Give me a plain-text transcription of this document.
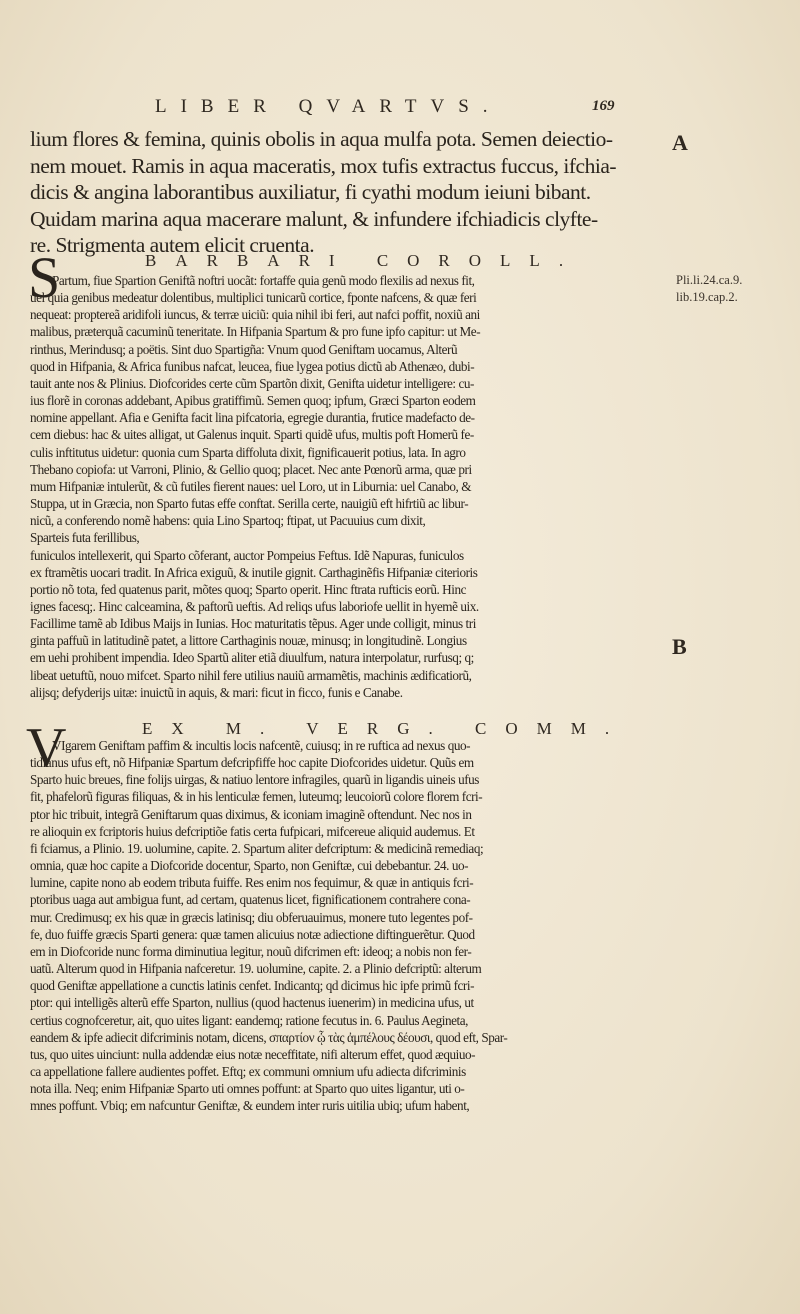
LIBER QVARTVS.	169
lium flores & femina, quinis obolis in aqua mulfa pota. Semen deiectio-
nem mouet. Ramis in aqua maceratis, mox tufis extractus fuccus, ifchia-
dicis & angina laborantibus auxiliatur, fi cyathi modum ieiuni bibant.
Quidam marina aqua macerare malunt, & infundere ifchiadicis clyfte-
re. Strigmenta autem elicit cruenta.
A
BARBARI COROLL.
S
Partum, fiue Spartion Geniftã noftri uocãt: fortaffe quia genũ modo flexilis ad nexus fit,
uel quia genibus medeatur dolentibus, multiplici tunicarũ cortice, fponte nafcens, & quæ feri
nequeat: proptereã aridifoli iuncus, & terræ uiciũ: quia nihil ibi feri, aut nafci poffit, noxiũ ani
malibus, præterquã cacuminũ teneritate. In Hifpania Spartum & pro fune ipfo capitur: ut Me-
rinthus, Merindusq; a poëtis. Sint duo Spartigña: Vnum quod Geniftam uocamus, Alterũ
quod in Hifpania, & Africa funibus nafcat, leucea, fiue lygea potius dictũ ab Athenæo, dubi-
tauit ante nos & Plinius. Diofcorides certe cũm Spartõn dixit, Genifta uidetur intelligere: cu-
ius florẽ in coronas addebant, Apibus gratiffimũ. Semen quoq; ipfum, Græci Sparton eodem
nomine appellant. Afia e Genifta facit lina pifcatoria, egregie durantia, frutice madefacto de-
cem diebus: hac & uites alligat, ut Galenus inquit. Sparti quidẽ ufus, multis poft Homerũ fe-
culis inftitutus uidetur: quonia cum Sparta diffoluta dixit, fignificauerit potius, lata. In agro
Thebano copiofa: ut Varroni, Plinio, & Gellio quoq; placet. Nec ante Pœnorũ arma, quæ pri
mum Hifpaniæ intulerũt, & cũ futiles fierent naues: uel Loro, ut in Liburnia: uel Canabo, &
Stuppa, ut in Græcia, non Sparto futas effe conftat. Serilla certe, nauigiũ eft hifrtiũ ac libur-
nicũ, a conferendo nomẽ habens: quia Lino Spartoq; ftipat, ut Pacuuius cum dixit,
Sparteis futa ferillibus,
funiculos intellexerit, qui Sparto cõferant, auctor Pompeius Feftus. Idẽ Napuras, funiculos
ex ftramẽtis uocari tradit. In Africa exiguũ, & inutile gignit. Carthaginẽfis Hifpaniæ citerioris
portio nõ tota, fed quatenus parit, mõtes quoq; Sparto operit. Hinc ftrata rufticis eorũ. Hinc
ignes facesq;. Hinc calceamina, & paftorũ ueftis. Ad reliqs ufus laboriofe uellit in hyemẽ uix.
Facillime tamẽ ab Idibus Maijs in Iunias. Hoc maturitatis tẽpus. Ager unde colligit, minus tri
ginta paffuũ in latitudinẽ patet, a littore Carthaginis nouæ, minusq; in longitudinẽ. Longius
em uehi prohibent impendia. Ideo Spartũ aliter etiã diuulfum, natura interpolatur, rurfusq; q;
libeat uetuftũ, nouo mifcet. Sparto nihil fere utilius nauiũ armamẽtis, machinis ædificatiorũ,
alijsq; defyderijs uitæ: inuictũ in aquis, & mari: ficut in ficco, funis e Canabe.
Pli.li.24.ca.9.
lib.19.cap.2.
B
EX M. VERG. COMM.
V
VIgarem Geniftam paffim & incultis locis nafcentẽ, cuiusq; in re ruftica ad nexus quo-
tidianus ufus eft, nõ Hifpaniæ Spartum defcripfiffe hoc capite Diofcorides uidetur. Quũs em
Sparto huic breues, fine folijs uirgas, & natiuo lentore infragiles, quarũ in ligandis uineis ufus
fit, phafelorũ figuras filiquas, & in his lenticulæ femen, luteumq; leucoiorũ colore florem fcri-
ptor hic tribuit, integrã Geniftarum quas diximus, & iconiam imaginẽ oftendunt. Nec nos in
re alioquin ex fcriptoris huius defcriptiõe fatis certa fufpicari, mifcereue aliquid audemus. Et
fi fciamus, a Plinio. 19. uolumine, capite. 2. Spartum aliter defcriptum: & medicinã remediaq;
omnia, quæ hoc capite a Diofcoride docentur, Sparto, non Geniftæ, cui debebantur. 24. uo-
lumine, capite nono ab eodem tributa fuiffe. Res enim nos fequimur, & quæ in antiquis fcri-
ptoribus uaga aut ambigua funt, ad certam, quatenus licet, fignificationem contrahere cona-
mur. Credimusq; ex his quæ in græcis latinisq; diu obferuauimus, monere tuto legentes pof-
fe, duo fuiffe græcis Sparti genera: quæ tamen alicuius notæ adiectione diftinguerẽtur. Quod
em in Diofcoride nunc forma diminutiua legitur, nouũ difcrimen eft: ideoq; a nobis non fer-
uatũ. Alterum quod in Hifpania nafceretur. 19. uolumine, capite. 2. a Plinio defcriptũ: alterum
quod Geniftæ appellatione a cunctis latinis cenfet. Indicantq; qd dicimus hic ipfe primũ fcri-
ptor: qui intelligẽs alterũ effe Sparton, nullius (quod hactenus iuenerim) in medicina ufus, ut
certius cognofceretur, ait, quo uites ligant: eandemq; ratione fecutus in. 6. Paulus Aegineta,
eandem & ipfe adiecit difcriminis notam, dicens, σπαρτίον ᾧ τὰς ἀμπέλους δέουσι, quod eft, Spar-
tus, quo uites uinciunt: nulla addendæ eius notæ neceffitate, nifi alterum effet, quod æquiuo-
ca appellatione fallere audientes poffet. Eftq; ex communi omnium ufu adiecta difcriminis
nota illa. Neq; enim Hifpaniæ Sparto uti omnes poffunt: at Sparto quo uites ligantur, uti o-
mnes poffunt. Vbiq; em nafcuntur Geniftæ, & eundem inter ruris uitilia ubiq; ufum habent,
